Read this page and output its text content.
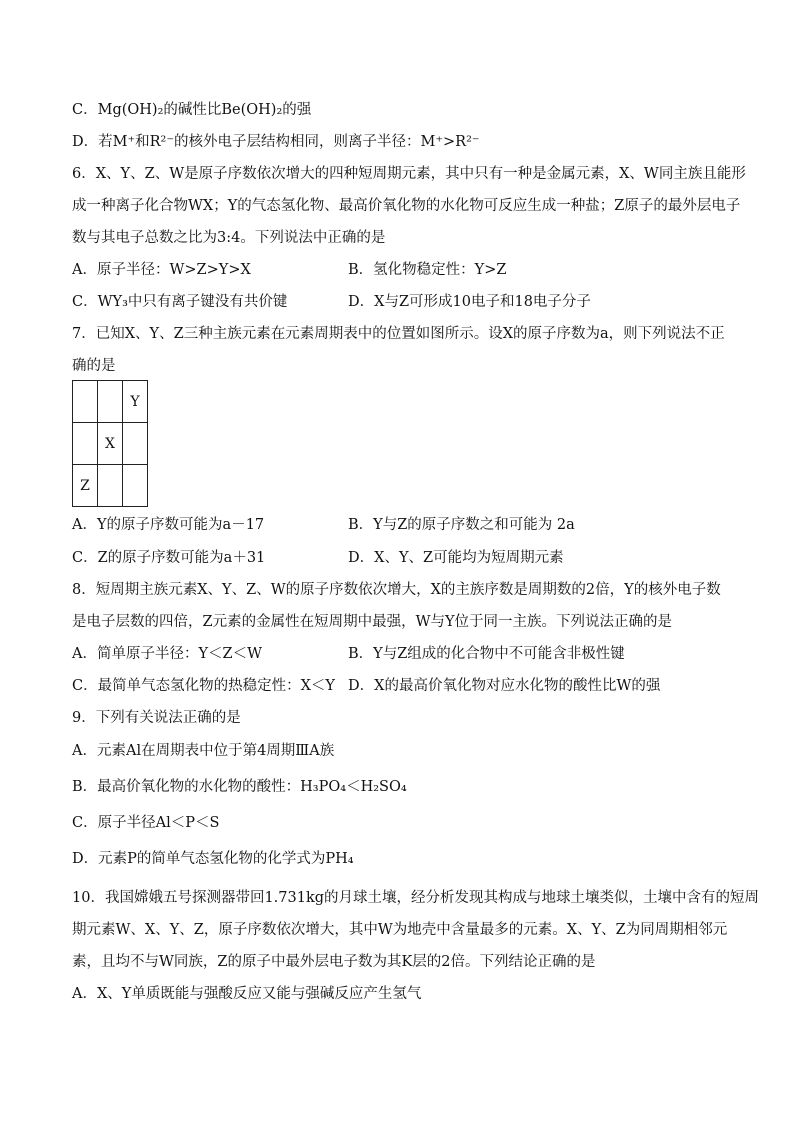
C．Mg(OH)₂的碱性比Be(OH)₂的强
D．若M⁺和R²⁻的核外电子层结构相同，则离子半径：M⁺>R²⁻
6．X、Y、Z、W是原子序数依次增大的四种短周期元素，其中只有一种是金属元素，X、W同主族且能形
成一种离子化合物WX；Y的气态氢化物、最高价氧化物的水化物可反应生成一种盐；Z原子的最外层电子
数与其电子总数之比为3:4。下列说法中正确的是
A．原子半径：W>Z>Y>X	B．氢化物稳定性：Y>Z
C．WY₃中只有离子键没有共价键	D．X与Z可形成10电子和18电子分子
7．已知X、Y、Z三种主族元素在元素周期表中的位置如图所示。设X的原子序数为a，则下列说法不正
确的是
		Y
	X	
Z		
A．Y的原子序数可能为a－17	B．Y与Z的原子序数之和可能为 2a
C．Z的原子序数可能为a＋31	D．X、Y、Z可能均为短周期元素
8．短周期主族元素X、Y、Z、W的原子序数依次增大，X的主族序数是周期数的2倍，Y的核外电子数
是电子层数的四倍，Z元素的金属性在短周期中最强，W与Y位于同一主族。下列说法正确的是
A．简单原子半径：Y＜Z＜W	B．Y与Z组成的化合物中不可能含非极性键
C．最简单气态氢化物的热稳定性：X＜Y D．X的最高价氧化物对应水化物的酸性比W的强
9．下列有关说法正确的是
A．元素Al在周期表中位于第4周期ⅢA族
B．最高价氧化物的水化物的酸性：H₃PO₄＜H₂SO₄
C．原子半径Al＜P＜S
D．元素P的简单气态氢化物的化学式为PH₄
10．我国嫦娥五号探测器带回1.731kg的月球土壤，经分析发现其构成与地球土壤类似，土壤中含有的短周
期元素W、X、Y、Z，原子序数依次增大，其中W为地壳中含量最多的元素。X、Y、Z为同周期相邻元
素，且均不与W同族，Z的原子中最外层电子数为其K层的2倍。下列结论正确的是
A．X、Y单质既能与强酸反应又能与强碱反应产生氢气
